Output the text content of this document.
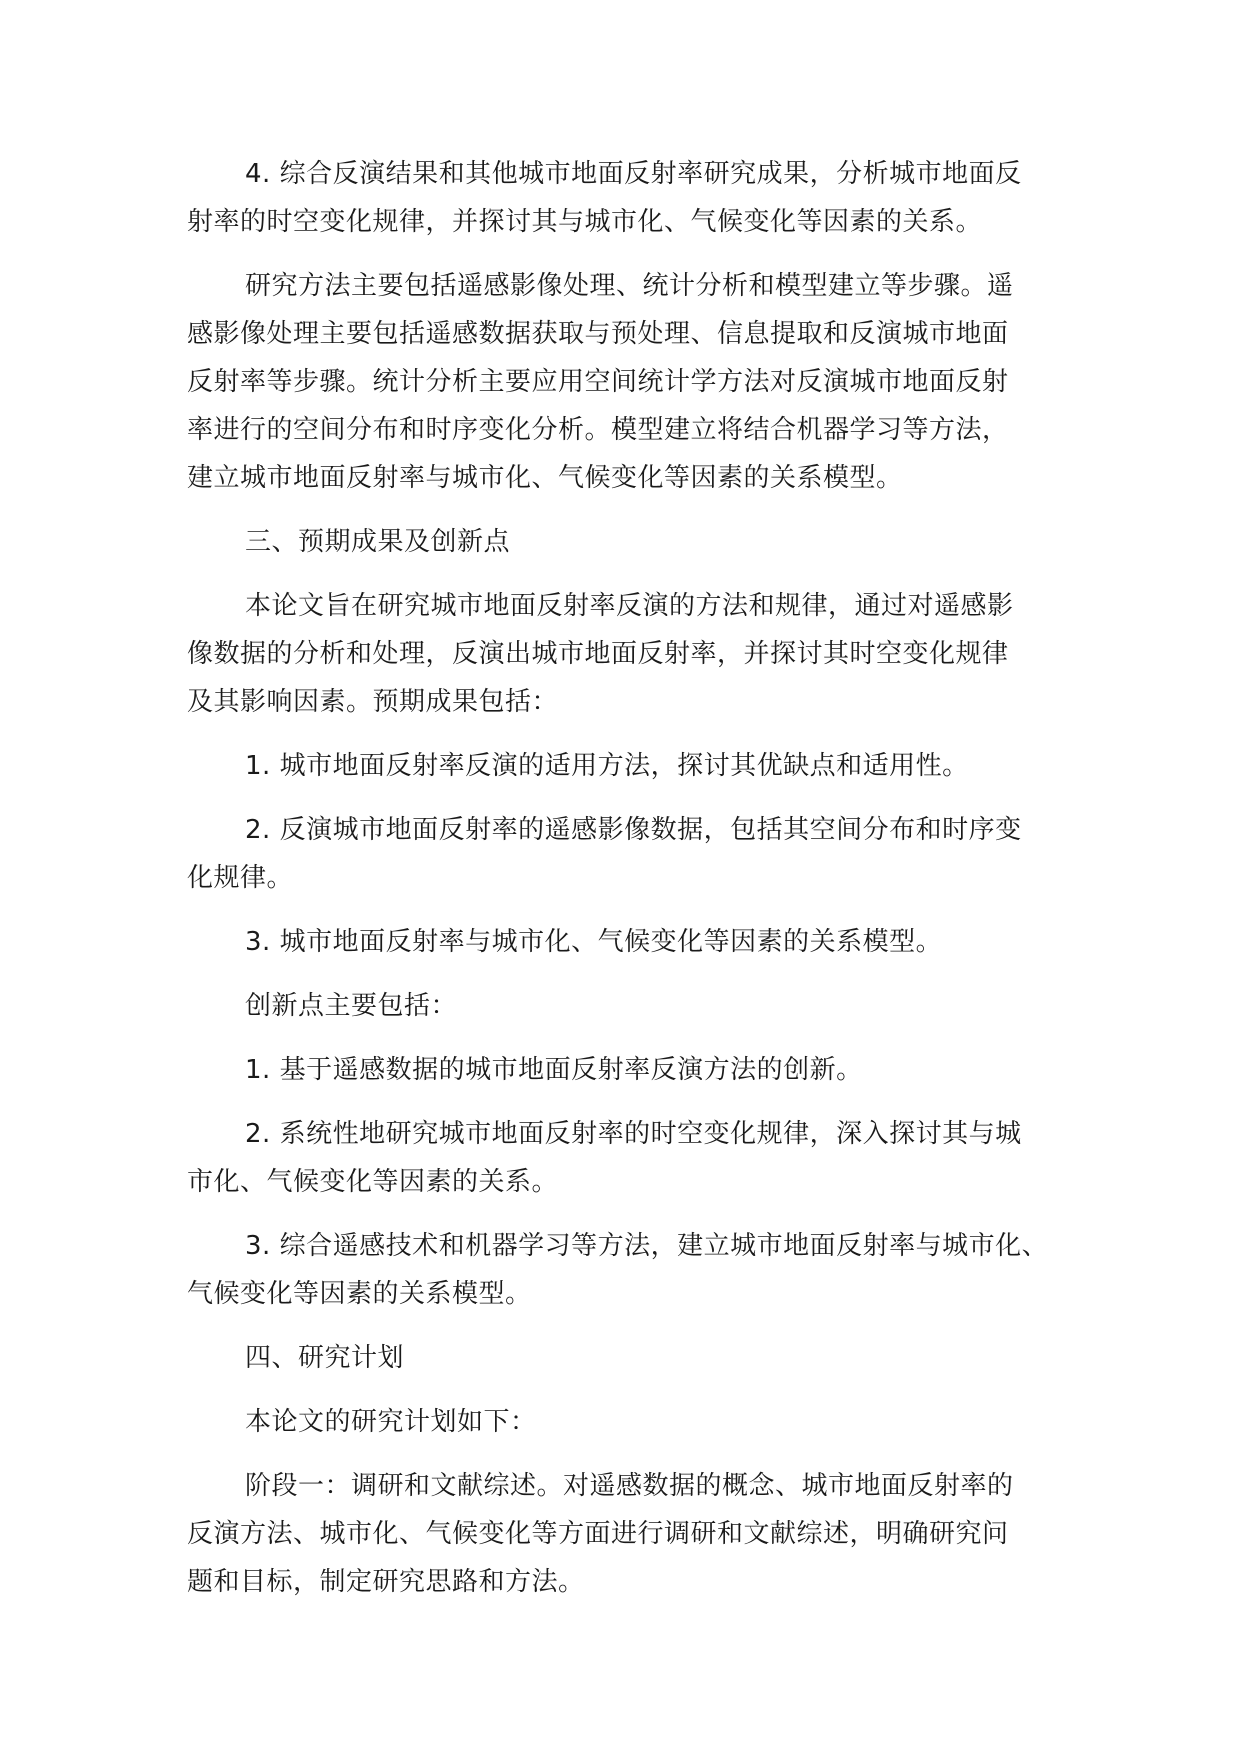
4. 综合反演结果和其他城市地面反射率研究成果，分析城市地面反
射率的时空变化规律，并探讨其与城市化、气候变化等因素的关系。

研究方法主要包括遥感影像处理、统计分析和模型建立等步骤。遥
感影像处理主要包括遥感数据获取与预处理、信息提取和反演城市地面
反射率等步骤。统计分析主要应用空间统计学方法对反演城市地面反射
率进行的空间分布和时序变化分析。模型建立将结合机器学习等方法，
建立城市地面反射率与城市化、气候变化等因素的关系模型。

三、预期成果及创新点

本论文旨在研究城市地面反射率反演的方法和规律，通过对遥感影
像数据的分析和处理，反演出城市地面反射率，并探讨其时空变化规律
及其影响因素。预期成果包括：

1. 城市地面反射率反演的适用方法，探讨其优缺点和适用性。

2. 反演城市地面反射率的遥感影像数据，包括其空间分布和时序变
化规律。

3. 城市地面反射率与城市化、气候变化等因素的关系模型。

创新点主要包括：

1. 基于遥感数据的城市地面反射率反演方法的创新。

2. 系统性地研究城市地面反射率的时空变化规律，深入探讨其与城
市化、气候变化等因素的关系。

3. 综合遥感技术和机器学习等方法，建立城市地面反射率与城市化、
气候变化等因素的关系模型。

四、研究计划

本论文的研究计划如下：

阶段一：调研和文献综述。对遥感数据的概念、城市地面反射率的
反演方法、城市化、气候变化等方面进行调研和文献综述，明确研究问
题和目标，制定研究思路和方法。
